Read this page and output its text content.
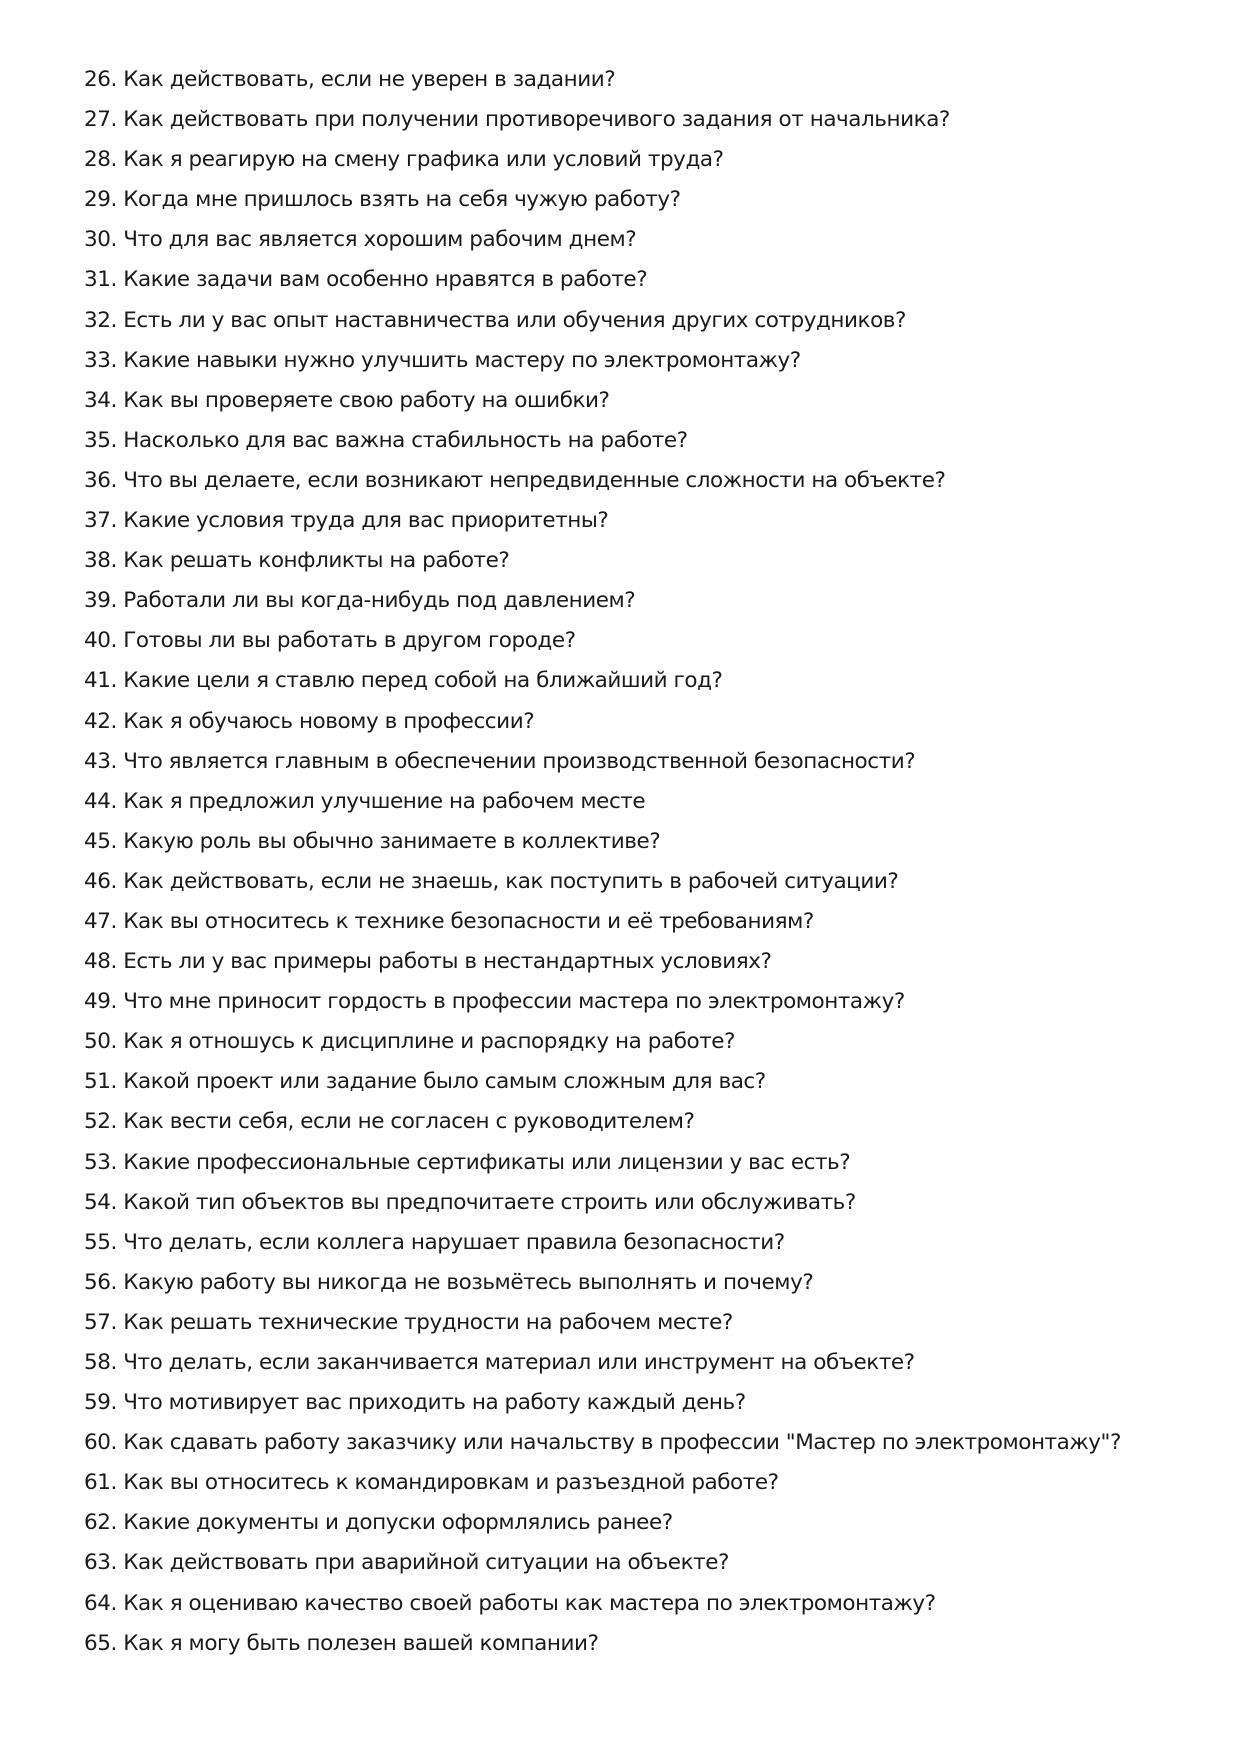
26. Как действовать, если не уверен в задании?
27. Как действовать при получении противоречивого задания от начальника?
28. Как я реагирую на смену графика или условий труда?
29. Когда мне пришлось взять на себя чужую работу?
30. Что для вас является хорошим рабочим днем?
31. Какие задачи вам особенно нравятся в работе?
32. Есть ли у вас опыт наставничества или обучения других сотрудников?
33. Какие навыки нужно улучшить мастеру по электромонтажу?
34. Как вы проверяете свою работу на ошибки?
35. Насколько для вас важна стабильность на работе?
36. Что вы делаете, если возникают непредвиденные сложности на объекте?
37. Какие условия труда для вас приоритетны?
38. Как решать конфликты на работе?
39. Работали ли вы когда-нибудь под давлением?
40. Готовы ли вы работать в другом городе?
41. Какие цели я ставлю перед собой на ближайший год?
42. Как я обучаюсь новому в профессии?
43. Что является главным в обеспечении производственной безопасности?
44. Как я предложил улучшение на рабочем месте
45. Какую роль вы обычно занимаете в коллективе?
46. Как действовать, если не знаешь, как поступить в рабочей ситуации?
47. Как вы относитесь к технике безопасности и её требованиям?
48. Есть ли у вас примеры работы в нестандартных условиях?
49. Что мне приносит гордость в профессии мастера по электромонтажу?
50. Как я отношусь к дисциплине и распорядку на работе?
51. Какой проект или задание было самым сложным для вас?
52. Как вести себя, если не согласен с руководителем?
53. Какие профессиональные сертификаты или лицензии у вас есть?
54. Какой тип объектов вы предпочитаете строить или обслуживать?
55. Что делать, если коллега нарушает правила безопасности?
56. Какую работу вы никогда не возьмётесь выполнять и почему?
57. Как решать технические трудности на рабочем месте?
58. Что делать, если заканчивается материал или инструмент на объекте?
59. Что мотивирует вас приходить на работу каждый день?
60. Как сдавать работу заказчику или начальству в профессии "Мастер по электромонтажу"?
61. Как вы относитесь к командировкам и разъездной работе?
62. Какие документы и допуски оформлялись ранее?
63. Как действовать при аварийной ситуации на объекте?
64. Как я оцениваю качество своей работы как мастера по электромонтажу?
65. Как я могу быть полезен вашей компании?
